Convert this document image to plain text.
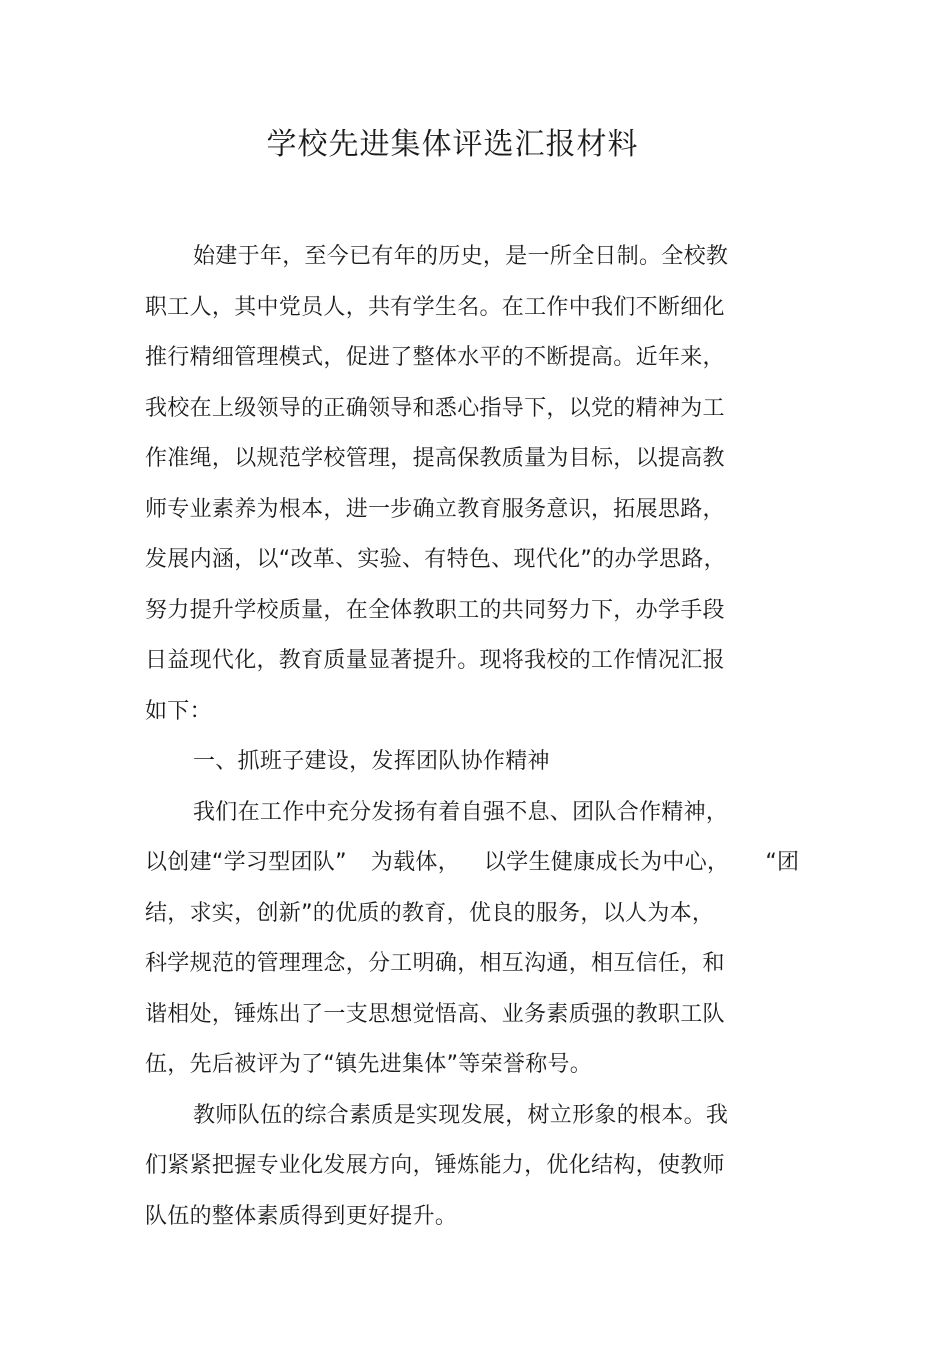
学校先进集体评选汇报材料
始建于年，至今已有年的历史，是一所全日制。全校教
职工人，其中党员人，共有学生名。在工作中我们不断细化
推行精细管理模式，促进了整体水平的不断提高。近年来，
我校在上级领导的正确领导和悉心指导下，以党的精神为工
作准绳，以规范学校管理，提高保教质量为目标，以提高教
师专业素养为根本，进一步确立教育服务意识，拓展思路，
发展内涵，以“改革、实验、有特色、现代化”的办学思路，
努力提升学校质量，在全体教职工的共同努力下，办学手段
日益现代化，教育质量显著提升。现将我校的工作情况汇报
如下：
一、抓班子建设，发挥团队协作精神
我们在工作中充分发扬有着自强不息、团队合作精神，
以创建“学习型团队” 为载体， 以学生健康成长为中心， “团
结，求实，创新”的优质的教育，优良的服务，以人为本，
科学规范的管理理念，分工明确，相互沟通，相互信任，和
谐相处，锤炼出了一支思想觉悟高、业务素质强的教职工队
伍，先后被评为了“镇先进集体”等荣誉称号。
教师队伍的综合素质是实现发展，树立形象的根本。我
们紧紧把握专业化发展方向，锤炼能力，优化结构，使教师
队伍的整体素质得到更好提升。
